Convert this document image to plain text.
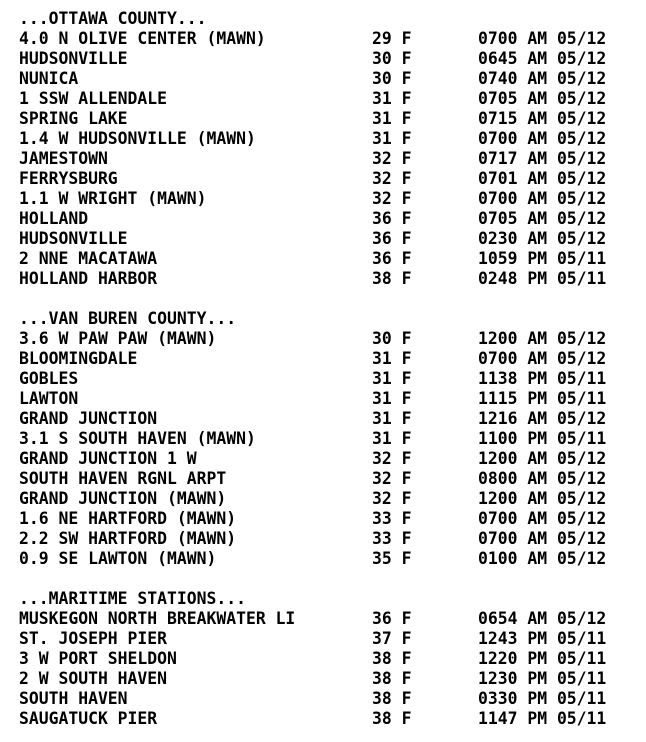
...OTTAWA COUNTY...
4.0 N OLIVE CENTER (MAWN)	29 F	0700 AM 05/12
HUDSONVILLE	30 F	0645 AM 05/12
NUNICA	30 F	0740 AM 05/12
1 SSW ALLENDALE	31 F	0705 AM 05/12
SPRING LAKE	31 F	0715 AM 05/12
1.4 W HUDSONVILLE (MAWN)	31 F	0700 AM 05/12
JAMESTOWN	32 F	0717 AM 05/12
FERRYSBURG	32 F	0701 AM 05/12
1.1 W WRIGHT (MAWN)	32 F	0700 AM 05/12
HOLLAND	36 F	0705 AM 05/12
HUDSONVILLE	36 F	0230 AM 05/12
2 NNE MACATAWA	36 F	1059 PM 05/11
HOLLAND HARBOR	38 F	0248 PM 05/11
...VAN BUREN COUNTY...
3.6 W PAW PAW (MAWN)	30 F	1200 AM 05/12
BLOOMINGDALE	31 F	0700 AM 05/12
GOBLES	31 F	1138 PM 05/11
LAWTON	31 F	1115 PM 05/11
GRAND JUNCTION	31 F	1216 AM 05/12
3.1 S SOUTH HAVEN (MAWN)	31 F	1100 PM 05/11
GRAND JUNCTION 1 W	32 F	1200 AM 05/12
SOUTH HAVEN RGNL ARPT	32 F	0800 AM 05/12
GRAND JUNCTION (MAWN)	32 F	1200 AM 05/12
1.6 NE HARTFORD (MAWN)	33 F	0700 AM 05/12
2.2 SW HARTFORD (MAWN)	33 F	0700 AM 05/12
0.9 SE LAWTON (MAWN)	35 F	0100 AM 05/12
...MARITIME STATIONS...
MUSKEGON NORTH BREAKWATER LI	36 F	0654 AM 05/12
ST. JOSEPH PIER	37 F	1243 PM 05/11
3 W PORT SHELDON	38 F	1220 PM 05/11
2 W SOUTH HAVEN	38 F	1230 PM 05/11
SOUTH HAVEN	38 F	0330 PM 05/11
SAUGATUCK PIER	38 F	1147 PM 05/11
